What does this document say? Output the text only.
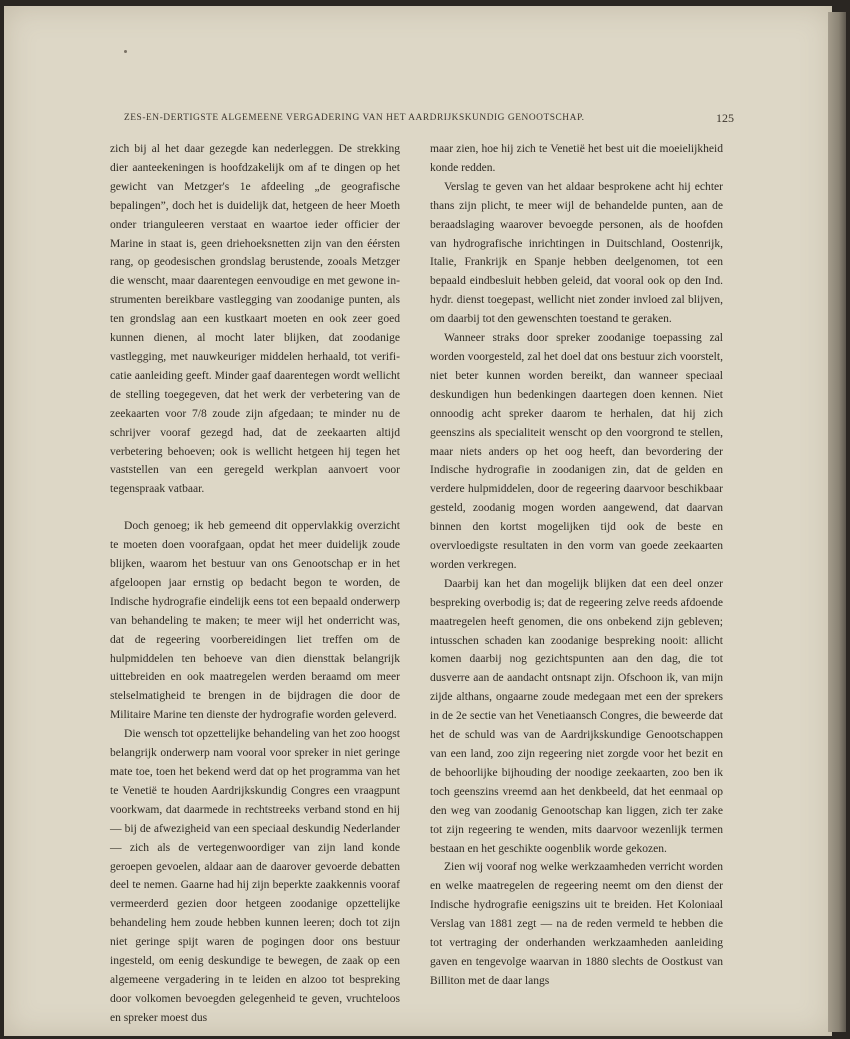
ZES-EN-DERTIGSTE ALGEMEENE VERGADERING VAN HET AARDRIJKSKUNDIG GENOOTSCHAP.	125

zich bij al het daar gezegde kan nederleggen. De strekking dier aanteekeningen is hoofdzakelijk om af te dingen op het gewicht van Metzger's 1e afdeeling „de geografische bepalingen”, doch het is duidelijk dat, hetgeen de heer Moeth onder trianguleeren verstaat en waartoe ieder officier der Marine in staat is, geen driehoeksnetten zijn van den éérsten rang, op geodesischen grondslag berustende, zooals Metzger die wenscht, maar daarentegen eenvoudige en met gewone instrumenten bereikbare vastlegging van zoodanige punten, als ten grondslag aan een kustkaart moeten en ook zeer goed kunnen dienen, al mocht later blijken, dat zoodanige vastlegging, met nauwkeuriger middelen herhaald, tot verificatie aanleiding geeft. Minder gaaf daarentegen wordt wellicht de stelling toegegeven, dat het werk der verbetering van de zeekaarten voor 7/8 zoude zijn afgedaan; te minder nu de schrijver vooraf gezegd had, dat de zeekaarten altijd verbetering behoeven; ook is wellicht hetgeen hij tegen het vaststellen van een geregeld werkplan aanvoert voor tegenspraak vatbaar.

Doch genoeg; ik heb gemeend dit oppervlakkig overzicht te moeten doen voorafgaan, opdat het meer duidelijk zoude blijken, waarom het bestuur van ons Genootschap er in het afgeloopen jaar ernstig op bedacht begon te worden, de Indische hydrografie eindelijk eens tot een bepaald onderwerp van behandeling te maken; te meer wijl het onderricht was, dat de regeering voorbereidingen liet treffen om de hulpmiddelen ten behoeve van dien diensttak belangrijk uittebreiden en ook maatregelen werden beraamd om meer stelselmatigheid te brengen in de bijdragen die door de Militaire Marine ten dienste der hydrografie worden geleverd.

Die wensch tot opzettelijke behandeling van het zoo hoogst belangrijk onderwerp nam vooral voor spreker in niet geringe mate toe, toen het bekend werd dat op het programma van het te Venetië te houden Aardrijkskundig Congres een vraagpunt voorkwam, dat daarmede in rechtstreeks verband stond en hij — bij de afwezigheid van een speciaal deskundig Nederlander — zich als de vertegenwoordiger van zijn land konde geroepen gevoelen, aldaar aan de daarover gevoerde debatten deel te nemen. Gaarne had hij zijn beperkte zaakkennis vooraf vermeerderd gezien door hetgeen zoodanige opzettelijke behandeling hem zoude hebben kunnen leeren; doch tot zijn niet geringe spijt waren de pogingen door ons bestuur ingesteld, om eenig deskundige te bewegen, de zaak op een algemeene vergadering in te leiden en alzoo tot bespreking door volkomen bevoegden gelegenheid te geven, vruchteloos en spreker moest dus

maar zien, hoe hij zich te Venetië het best uit die moeielijkheid konde redden.

Verslag te geven van het aldaar besprokene acht hij echter thans zijn plicht, te meer wijl de behandelde punten, aan de beraadslaging waarover bevoegde personen, als de hoofden van hydrografische inrichtingen in Duitschland, Oostenrijk, Italie, Frankrijk en Spanje hebben deelgenomen, tot een bepaald eindbesluit hebben geleid, dat vooral ook op den Ind. hydr. dienst toegepast, wellicht niet zonder invloed zal blijven, om daarbij tot den gewenschten toestand te geraken.

Wanneer straks door spreker zoodanige toepassing zal worden voorgesteld, zal het doel dat ons bestuur zich voorstelt, niet beter kunnen worden bereikt, dan wanneer speciaal deskundigen hun bedenkingen daartegen doen kennen. Niet onnoodig acht spreker daarom te herhalen, dat hij zich geenszins als specialiteit wenscht op den voorgrond te stellen, maar niets anders op het oog heeft, dan bevordering der Indische hydrografie in zoodanigen zin, dat de gelden en verdere hulpmiddelen, door de regeering daarvoor beschikbaar gesteld, zoodanig mogen worden aangewend, dat daarvan binnen den kortst mogelijken tijd ook de beste en overvloedigste resultaten in den vorm van goede zeekaarten worden verkregen.

Daarbij kan het dan mogelijk blijken dat een deel onzer bespreking overbodig is; dat de regeering zelve reeds afdoende maatregelen heeft genomen, die ons onbekend zijn gebleven; intusschen schaden kan zoodanige bespreking nooit: allicht komen daarbij nog gezichtspunten aan den dag, die tot dusverre aan de aandacht ontsnapt zijn. Ofschoon ik, van mijn zijde althans, ongaarne zoude medegaan met een der sprekers in de 2e sectie van het Venetiaansch Congres, die beweerde dat het de schuld was van de Aardrijkskundige Genootschappen van een land, zoo zijn regeering niet zorgde voor het bezit en de behoorlijke bijhouding der noodige zeekaarten, zoo ben ik toch geenszins vreemd aan het denkbeeld, dat het eenmaal op den weg van zoodanig Genootschap kan liggen, zich ter zake tot zijn regeering te wenden, mits daarvoor wezenlijk termen bestaan en het geschikte oogenblik worde gekozen.

Zien wij vooraf nog welke werkzaamheden verricht worden en welke maatregelen de regeering neemt om den dienst der Indische hydrografie eenigszins uit te breiden. Het Koloniaal Verslag van 1881 zegt — na de reden vermeld te hebben die tot vertraging der onderhanden werkzaamheden aanleiding gaven en tengevolge waarvan in 1880 slechts de Oostkust van Billiton met de daar langs
